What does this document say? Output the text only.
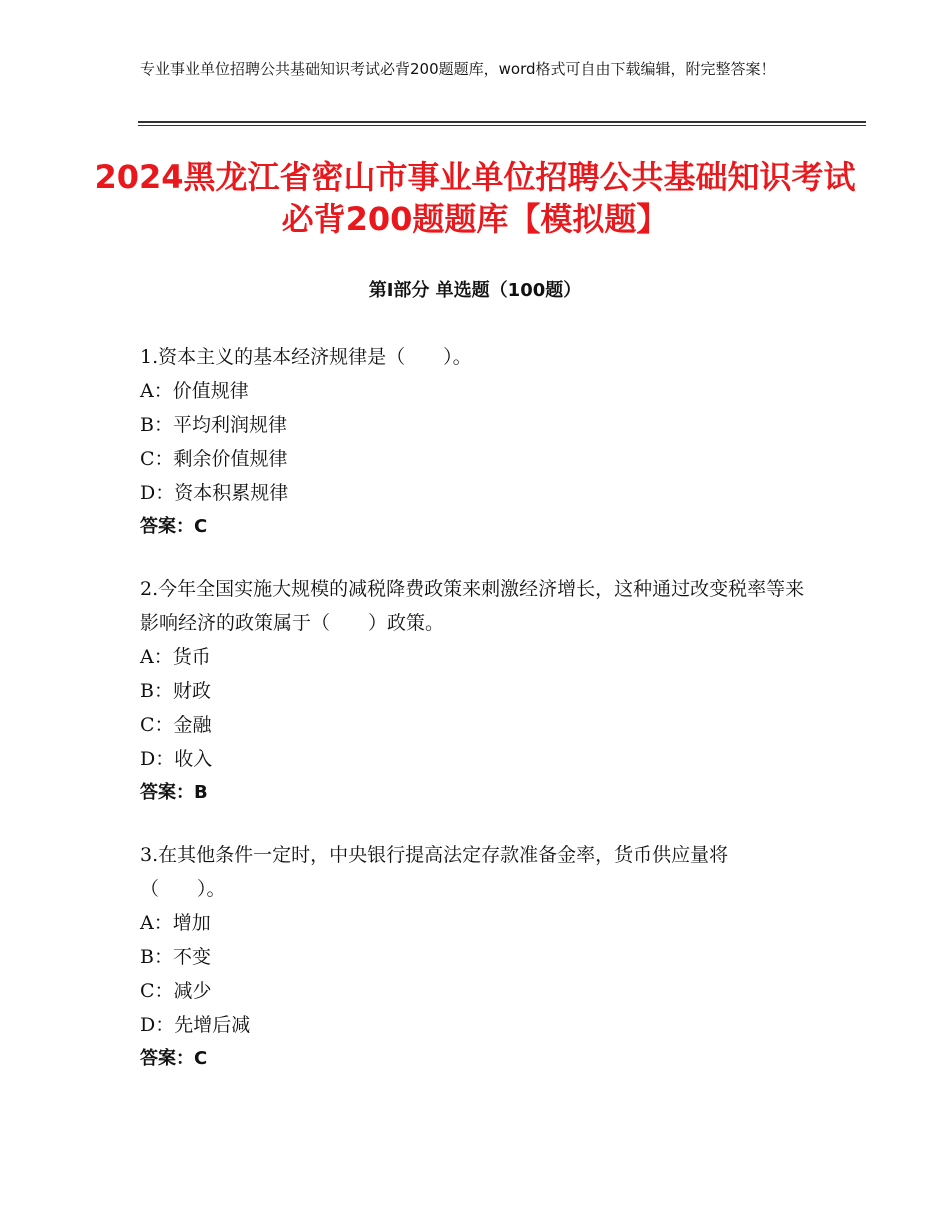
专业事业单位招聘公共基础知识考试必背200题题库，word格式可自由下载编辑，附完整答案！
2024黑龙江省密山市事业单位招聘公共基础知识考试必背200题题库【模拟题】
第I部分 单选题（100题）

1.资本主义的基本经济规律是（　　）。

A：价值规律

B：平均利润规律

C：剩余价值规律

D：资本积累规律

答案：C

2.今年全国实施大规模的减税降费政策来刺激经济增长，这种通过改变税率等来影响经济的政策属于（　　）政策。

A：货币

B：财政

C：金融

D：收入

答案：B

3.在其他条件一定时，中央银行提高法定存款准备金率，货币供应量将（　　）。

A：增加

B：不变

C：减少

D：先增后减

答案：C
